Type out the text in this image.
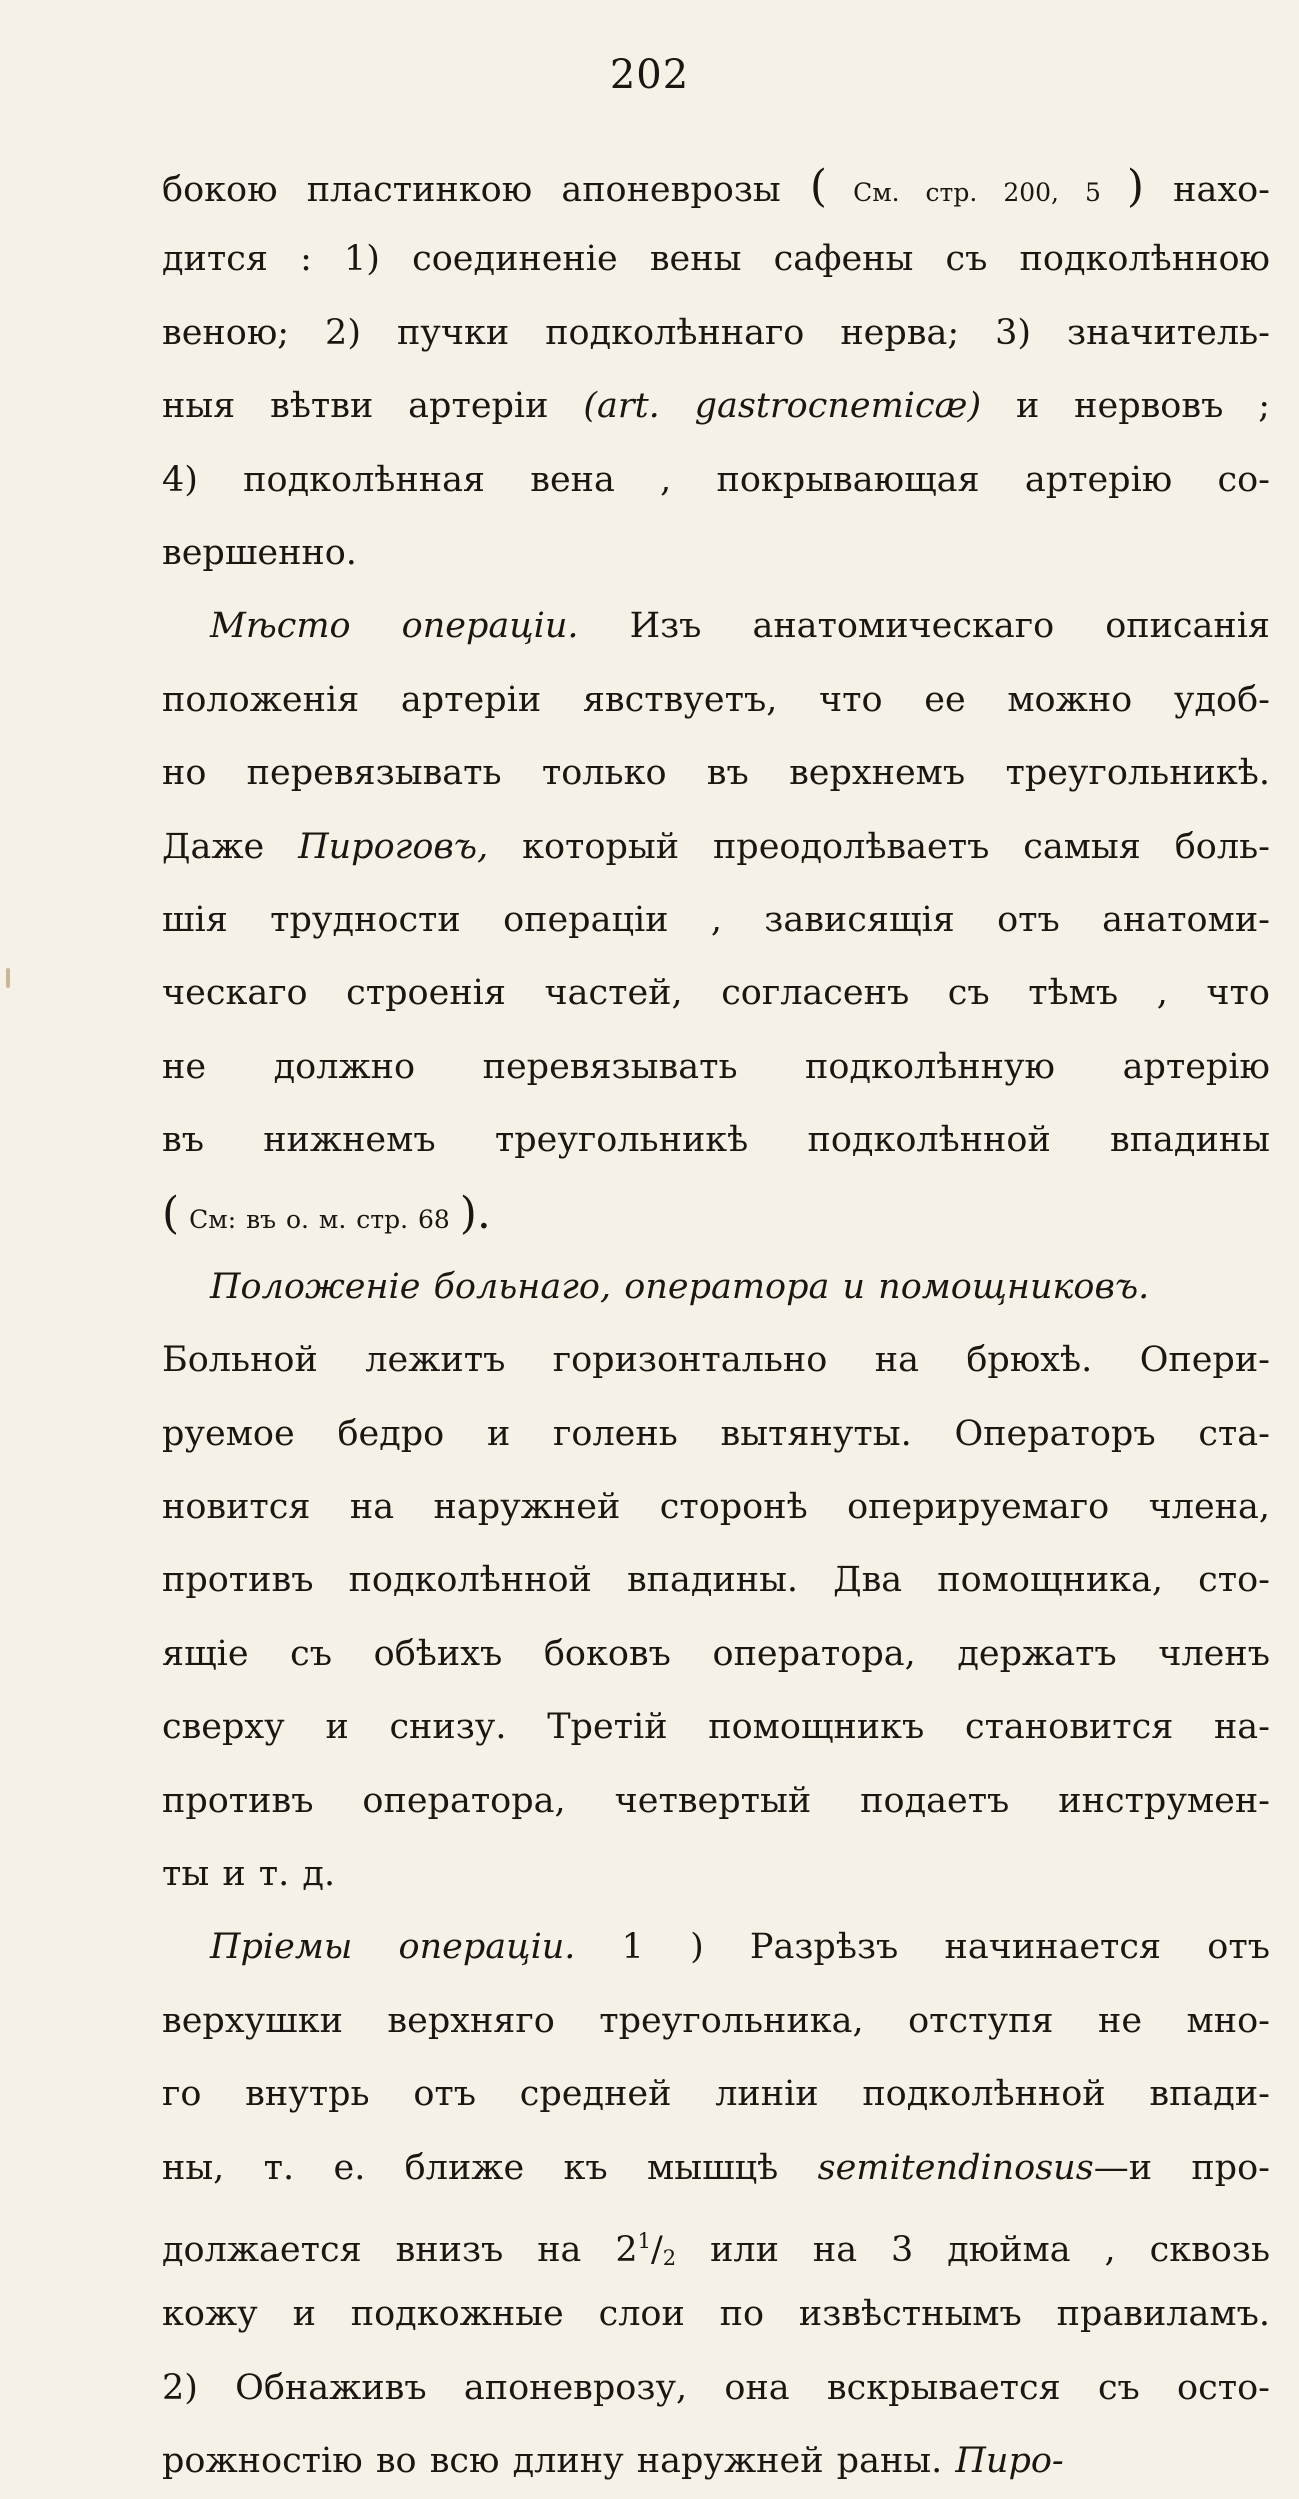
202
бокою пластинкою апоневрозы ( См. стр. 200, 5 ) нахо-
дится : 1) соединеніе вены сафены съ подколѣнною
веною; 2) пучки подколѣннаго нерва; 3) значитель-
ныя вѣтви артеріи (art. gastrocnemicæ) и нервовъ ;
4) подколѣнная вена , покрывающая артерію со-
вершенно.
Мѣсто операціи. Изъ анатомическаго описанія
положенія артеріи явствуетъ, что ее можно удоб-
но перевязывать только въ верхнемъ треугольникѣ.
Даже Пироговъ, который преодолѣваетъ самыя боль-
шія трудности операціи , зависящія отъ анатоми-
ческаго строенія частей, согласенъ съ тѣмъ , что
не должно перевязывать подколѣнную артерію
въ нижнемъ треугольникѣ подколѣнной впадины
( См: въ о. м. стр. 68 ).
Положеніе больнаго, оператора и помощниковъ.
Больной лежитъ горизонтально на брюхѣ. Опери-
руемое бедро и голень вытянуты. Операторъ ста-
новится на наружней сторонѣ оперируемаго члена,
противъ подколѣнной впадины. Два помощника, сто-
ящіе съ обѣихъ боковъ оператора, держатъ членъ
сверху и снизу. Третій помощникъ становится на-
противъ оператора, четвертый подаетъ инструмен-
ты и т. д.
Пріемы операціи. 1 ) Разрѣзъ начинается отъ
верхушки верхняго треугольника, отступя не мно-
го внутрь отъ средней линіи подколѣнной впади-
ны, т. е. ближе къ мышцѣ semitendinosus—и про-
должается внизъ на $2^1/_2$ или на 3 дюйма , сквозь
кожу и подкожные слои по извѣстнымъ правиламъ.
2) Обнаживъ апоневрозу, она вскрывается съ осто-
рожностію во всю длину наружней раны. Пиро-
